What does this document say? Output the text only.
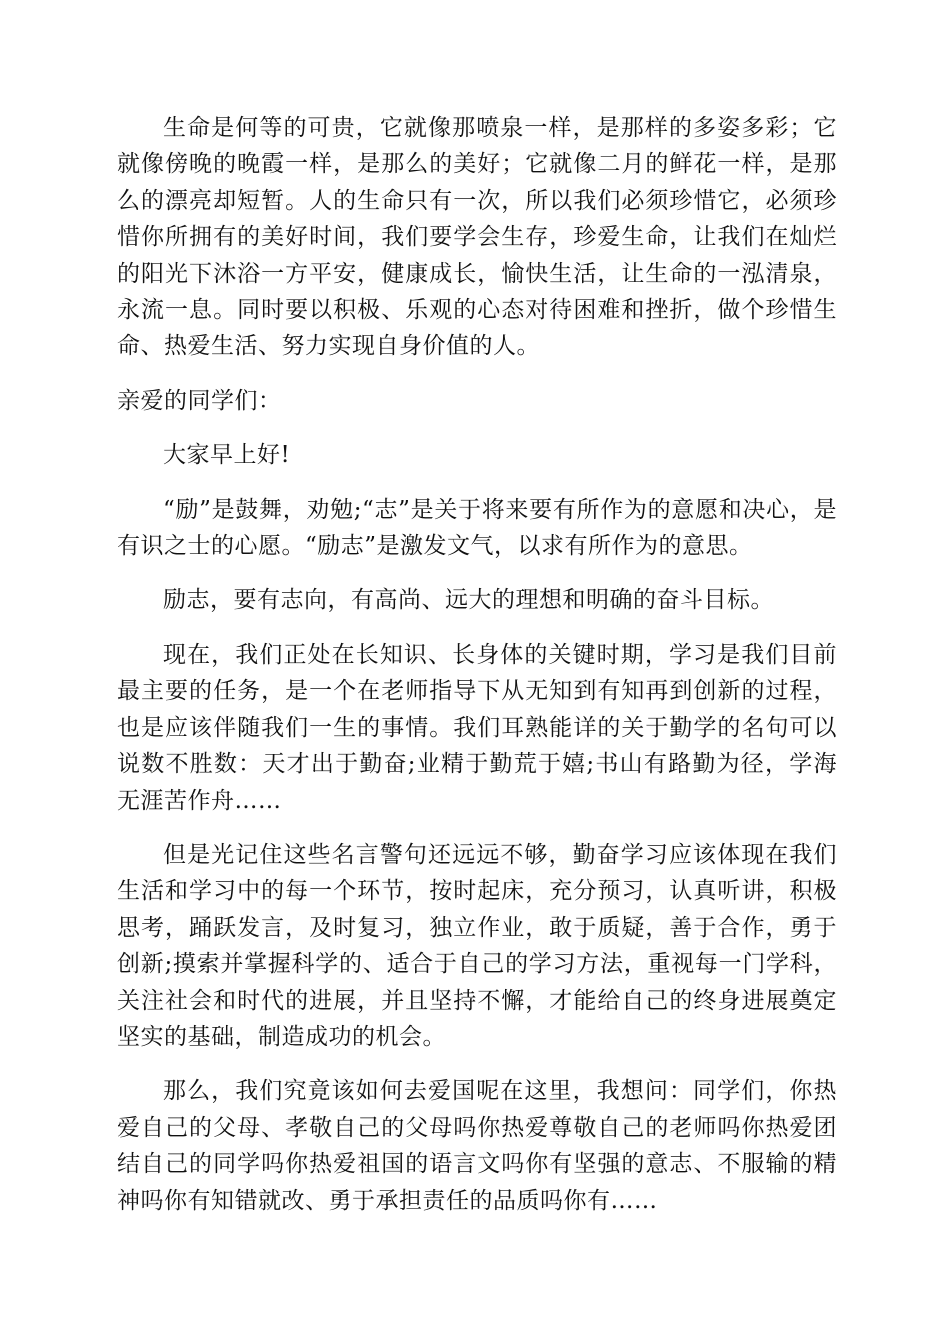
生命是何等的可贵，它就像那喷泉一样，是那样的多姿多彩；它就像傍晚的晚霞一样，是那么的美好；它就像二月的鲜花一样，是那么的漂亮却短暂。人的生命只有一次，所以我们必须珍惜它，必须珍惜你所拥有的美好时间，我们要学会生存，珍爱生命，让我们在灿烂的阳光下沐浴一方平安，健康成长，愉快生活，让生命的一泓清泉，永流一息。同时要以积极、乐观的心态对待困难和挫折，做个珍惜生命、热爱生活、努力实现自身价值的人。

亲爱的同学们：

大家早上好!

“励”是鼓舞，劝勉;“志”是关于将来要有所作为的意愿和决心，是有识之士的心愿。“励志”是激发文气，以求有所作为的意思。

励志，要有志向，有高尚、远大的理想和明确的奋斗目标。

现在，我们正处在长知识、长身体的关键时期，学习是我们目前最主要的任务，是一个在老师指导下从无知到有知再到创新的过程，也是应该伴随我们一生的事情。我们耳熟能详的关于勤学的名句可以说数不胜数：天才出于勤奋;业精于勤荒于嬉;书山有路勤为径，学海无涯苦作舟……

但是光记住这些名言警句还远远不够，勤奋学习应该体现在我们生活和学习中的每一个环节，按时起床，充分预习，认真听讲，积极思考，踊跃发言，及时复习，独立作业，敢于质疑，善于合作，勇于创新;摸索并掌握科学的、适合于自己的学习方法，重视每一门学科，关注社会和时代的进展，并且坚持不懈，才能给自己的终身进展奠定坚实的基础，制造成功的机会。

那么，我们究竟该如何去爱国呢在这里，我想问：同学们，你热爱自己的父母、孝敬自己的父母吗你热爱尊敬自己的老师吗你热爱团结自己的同学吗你热爱祖国的语言文吗你有坚强的意志、不服输的精神吗你有知错就改、勇于承担责任的品质吗你有……
